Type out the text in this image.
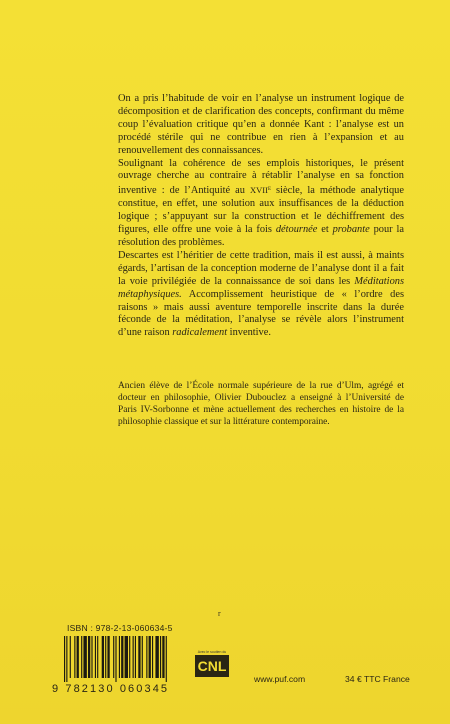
On a pris l’habitude de voir en l’analyse un instrument logique de décomposition et de clarification des concepts, confirmant du même coup l’évaluation critique qu’en a donnée Kant : l’analyse est un procédé stérile qui ne contribue en rien à l’expansion et au renouvellement des connaissances.

Soulignant la cohérence de ses emplois historiques, le présent ouvrage cherche au contraire à rétablir l’analyse en sa fonction inventive : de l’Antiquité au XVIIe siècle, la méthode analytique constitue, en effet, une solution aux insuffisances de la déduction logique ; s’appuyant sur la construction et le déchiffrement des figures, elle offre une voie à la fois détournée et probante pour la résolution des problèmes.

Descartes est l’héritier de cette tradition, mais il est aussi, à maints égards, l’artisan de la conception moderne de l’analyse dont il a fait la voie privilégiée de la connaissance de soi dans les Méditations métaphysiques. Accomplissement heuristique de « l’ordre des raisons » mais aussi aventure temporelle inscrite dans la durée féconde de la méditation, l’analyse se révèle alors l’instrument d’une raison radicalement inventive.

Ancien élève de l’École normale supérieure de la rue d’Ulm, agrégé et docteur en philosophie, Olivier Dubouclez a enseigné à l’Université de Paris IV-Sorbonne et mène actuellement des recherches en histoire de la philosophie classique et sur la littérature contemporaine.

r
ISBN : 978-2-13-060634-5
9 782130 060345
Avec le soutien du
CNL
www.puf.com	34 € TTC France
